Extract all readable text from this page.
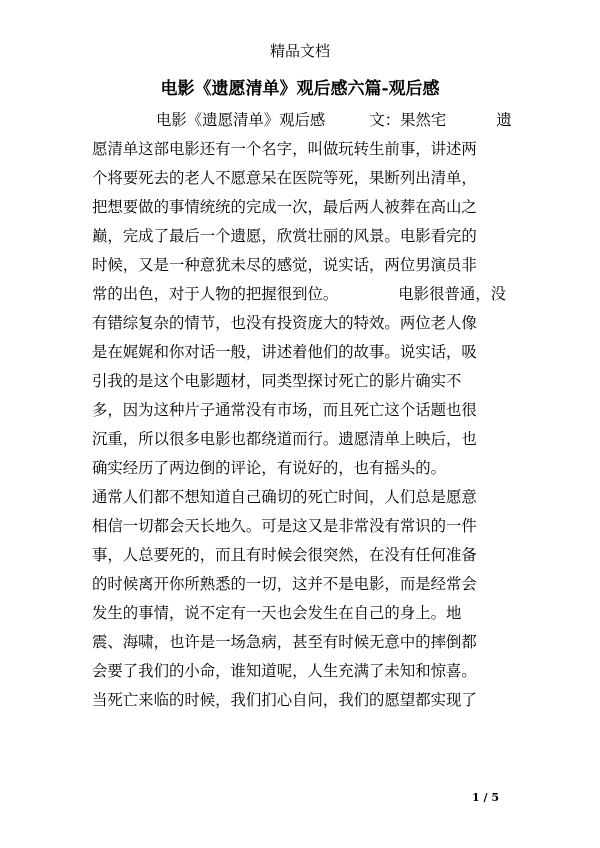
精品文档
电影《遗愿清单》观后感六篇-观后感
电影《遗愿清单》观后感	文：果然宅	遗
愿清单这部电影还有一个名字，叫做玩转生前事，讲述两
个将要死去的老人不愿意呆在医院等死，果断列出清单，
把想要做的事情统统的完成一次，最后两人被葬在高山之
巅，完成了最后一个遗愿，欣赏壮丽的风景。电影看完的
时候，又是一种意犹未尽的感觉，说实话，两位男演员非
常的出色，对于人物的把握很到位。	电影很普通，没
有错综复杂的情节，也没有投资庞大的特效。两位老人像
是在娓娓和你对话一般，讲述着他们的故事。说实话，吸
引我的是这个电影题材，同类型探讨死亡的影片确实不
多，因为这种片子通常没有市场，而且死亡这个话题也很
沉重，所以很多电影也都绕道而行。遗愿清单上映后，也
确实经历了两边倒的评论，有说好的，也有摇头的。
通常人们都不想知道自己确切的死亡时间，人们总是愿意
相信一切都会天长地久。可是这又是非常没有常识的一件
事，人总要死的，而且有时候会很突然，在没有任何准备
的时候离开你所熟悉的一切，这并不是电影，而是经常会
发生的事情，说不定有一天也会发生在自己的身上。地
震、海啸，也许是一场急病，甚至有时候无意中的摔倒都
会要了我们的小命，谁知道呢，人生充满了未知和惊喜。
当死亡来临的时候，我们扪心自问，我们的愿望都实现了
1 / 5
